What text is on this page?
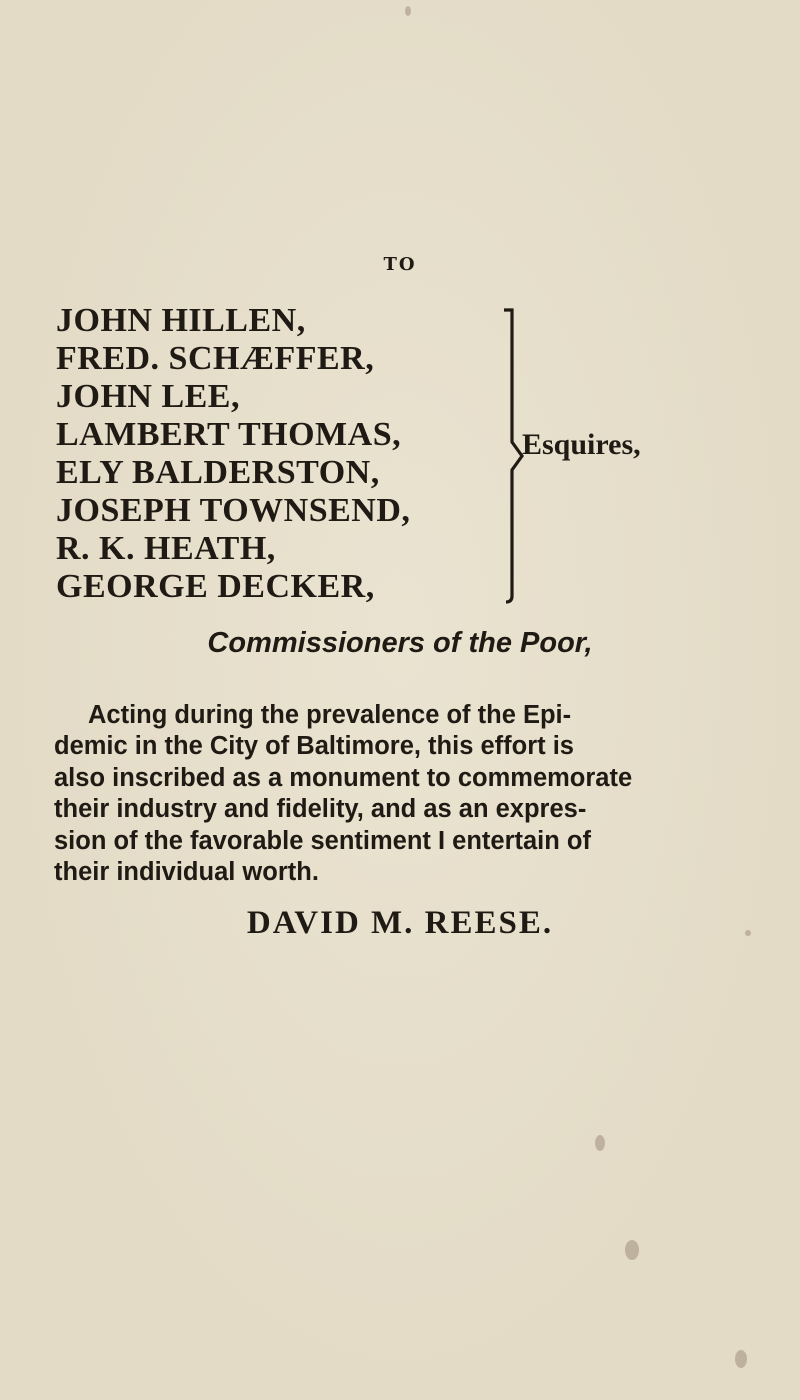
TO
JOHN HILLEN,
FRED. SCHÆFFER,
JOHN LEE,
LAMBERT THOMAS,
ELY BALDERSTON,
JOSEPH TOWNSEND,
R. K. HEATH,
GEORGE DECKER,
Esquires,
Commissioners of the Poor,
Acting during the prevalence of the Epi-
demic in the City of Baltimore, this effort is
also inscribed as a monument to commemorate
their industry and fidelity, and as an expres-
sion of the favorable sentiment I entertain of
their individual worth.
DAVID M. REESE.
